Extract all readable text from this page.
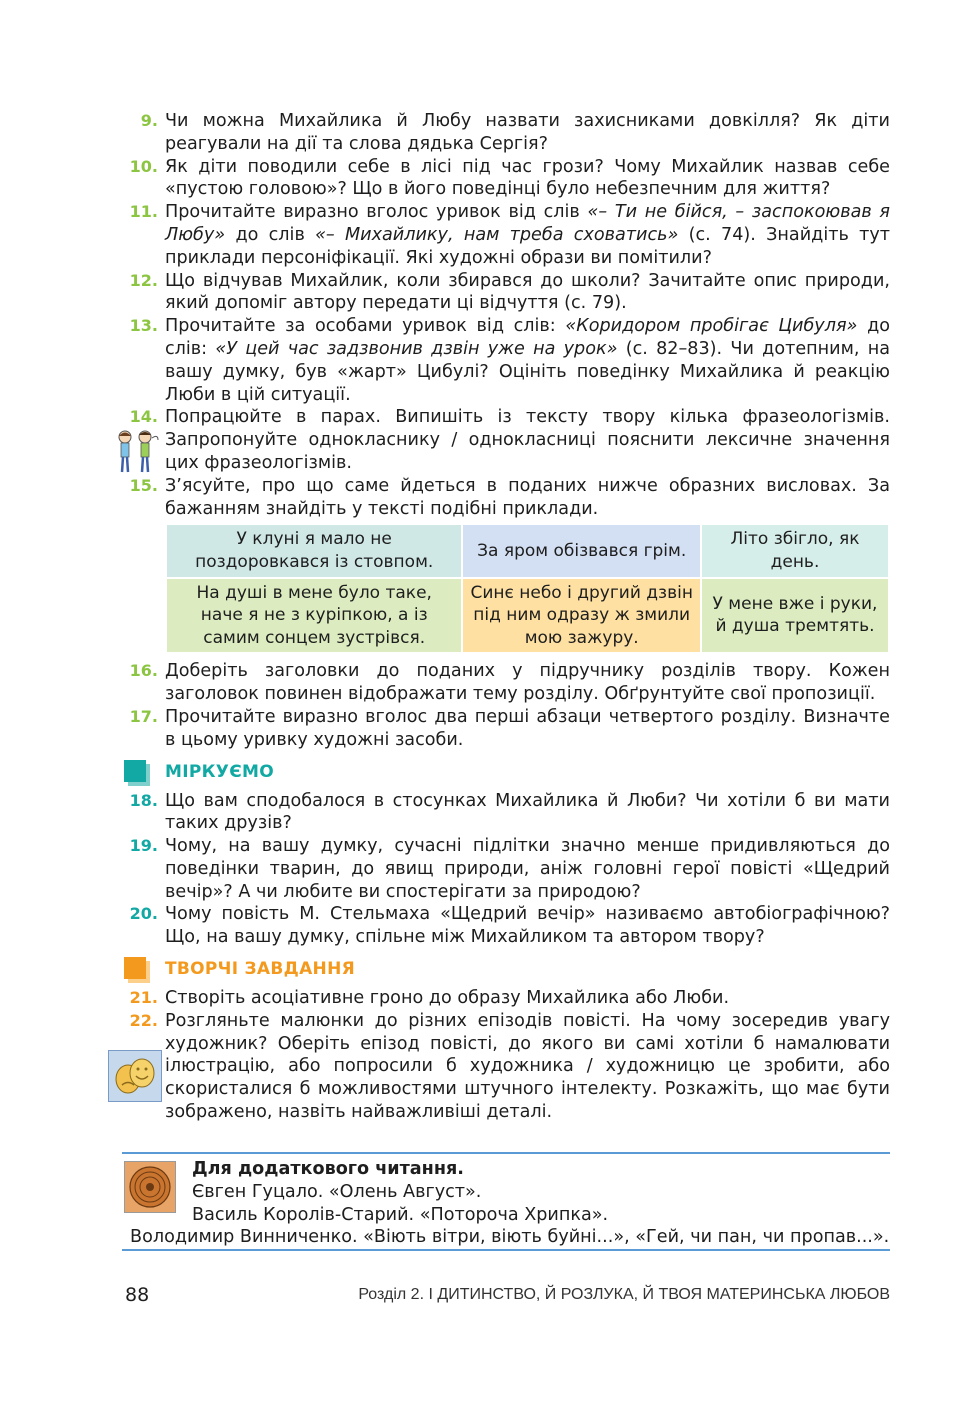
9. Чи можна Михайлика й Любу назвати захисниками довкілля? Як діти реагували на дії та слова дядька Сергія?
10. Як діти поводили себе в лісі під час грози? Чому Михайлик назвав себе «пустою головою»? Що в його поведінці було небезпечним для життя?
11. Прочитайте виразно вголос уривок від слів «– Ти не бійся, – заспокоював я Любу» до слів «– Михайлику, нам треба сховатись» (с. 74). Знайдіть тут приклади персоніфікації. Які художні образи ви помітили?
12. Що відчував Михайлик, коли збирався до школи? Зачитайте опис природи, який допоміг автору передати ці відчуття (с. 79).
13. Прочитайте за особами уривок від слів: «Коридором пробігає Цибуля» до слів: «У цей час задзвонив дзвін уже на урок» (с. 82–83). Чи дотепним, на вашу думку, був «жарт» Цибулі? Оцініть поведінку Михайлика й реакцію Люби в цій ситуації.
14. Попрацюйте в парах. Випишіть із тексту твору кілька фразеологізмів. Запропонуйте однокласнику / однокласниці пояснити лексичне значення цих фразеологізмів.
15. З’ясуйте, про що саме йдеться в поданих нижче образних висловах. За бажанням знайдіть у тексті подібні приклади.
У клуні я мало не поздоровкався із стовпом.	За яром обізвався грім.	Літо збігло, як день.
На душі в мене було таке, наче я не з куріпкою, а із самим сонцем зустрівся.	Синє небо і другий дзвін під ним одразу ж змили мою зажуру.	У мене вже і руки, й душа тремтять.
16. Доберіть заголовки до поданих у підручнику розділів твору. Кожен заголовок повинен відображати тему розділу. Обґрунтуйте свої пропозиції.
17. Прочитайте виразно вголос два перші абзаци четвертого розділу. Визначте в цьому уривку художні засоби.
МІРКУЄМО
18. Що вам сподобалося в стосунках Михайлика й Люби? Чи хотіли б ви мати таких друзів?
19. Чому, на вашу думку, сучасні підлітки значно менше придивляються до поведінки тварин, до явищ природи, аніж головні герої повісті «Щедрий вечір»? А чи любите ви спостерігати за природою?
20. Чому повість М. Стельмаха «Щедрий вечір» називаємо автобіографічною? Що, на вашу думку, спільне між Михайликом та автором твору?
ТВОРЧІ ЗАВДАННЯ
21. Створіть асоціативне гроно до образу Михайлика або Люби.
22. Розгляньте малюнки до різних епізодів повісті. На чому зосередив увагу художник? Оберіть епізод повісті, до якого ви самі хотіли б намалювати ілюстрацію, або попросили б художника / художницю це зробити, або скористалися б можливостями штучного інтелекту. Розкажіть, що має бути зображено, назвіть найважливіші деталі.
Для додаткового читання.
Євген Гуцало. «Олень Август».
Василь Королів-Старий. «Потороча Хрипка».
Володимир Винниченко. «Віють вітри, віють буйні...», «Гей, чи пан, чи пропав...».
88	Розділ 2. І ДИТИНСТВО, Й РОЗЛУКА, Й ТВОЯ МАТЕРИНСЬКА ЛЮБОВ
